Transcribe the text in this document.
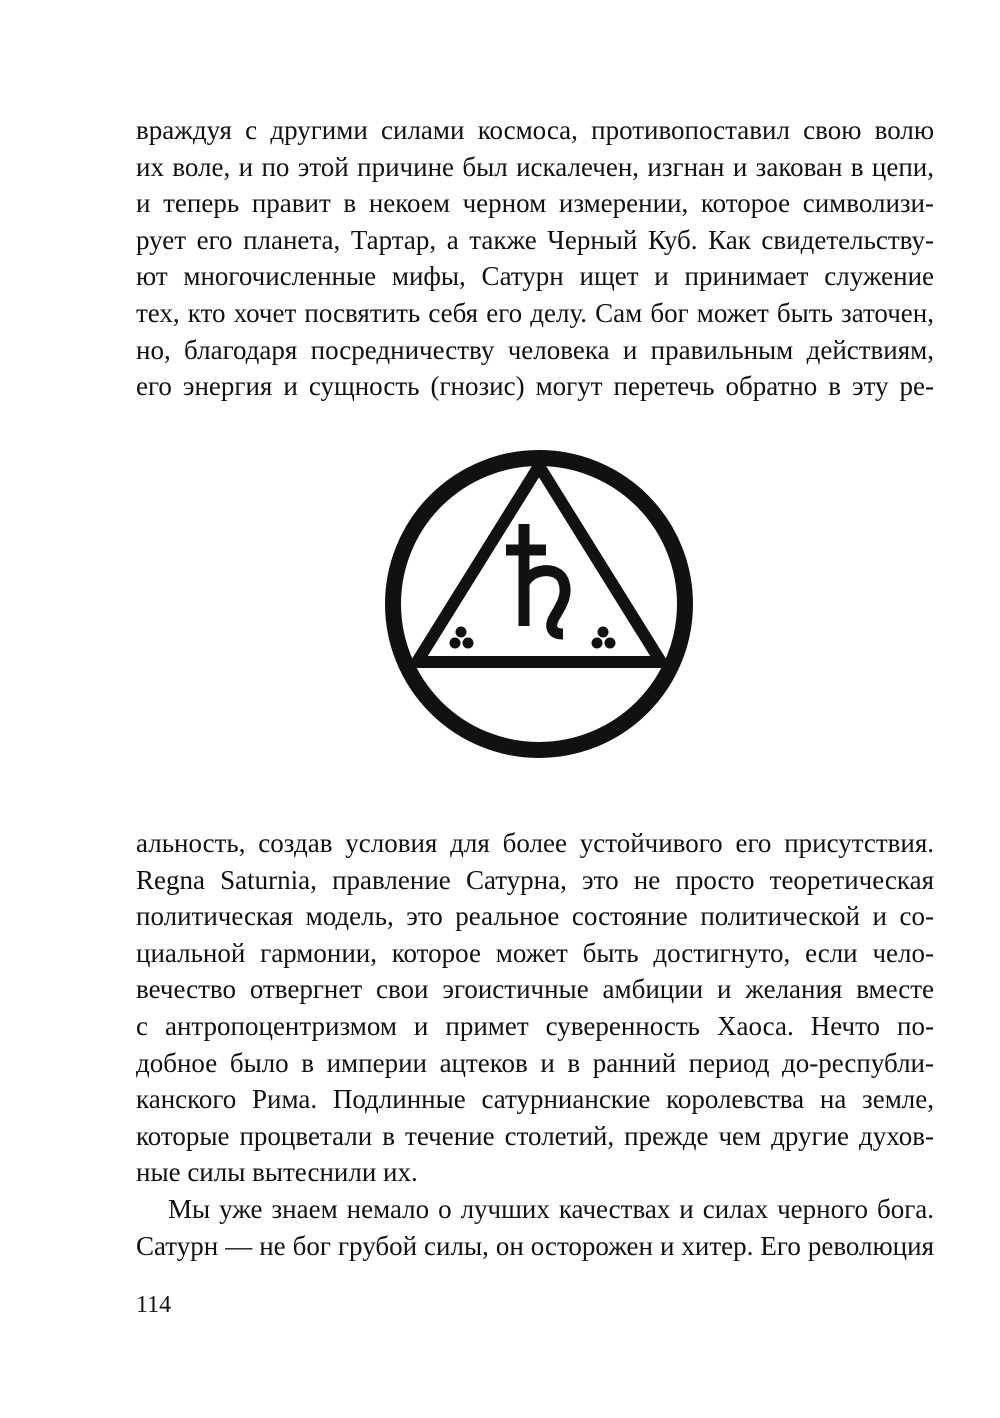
враждуя с другими силами космоса, противопоставил свою волю
их воле, и по этой причине был искалечен, изгнан и закован в цепи,
и теперь правит в некоем черном измерении, которое символизи-
рует его планета, Тартар, а также Черный Куб. Как свидетельству-
ют многочисленные мифы, Сатурн ищет и принимает служение
тех, кто хочет посвятить себя его делу. Сам бог может быть заточен,
но, благодаря посредничеству человека и правильным действиям,
его энергия и сущность (гнозис) могут перетечь обратно в эту ре-
альность, создав условия для более устойчивого его присутствия.
Regna Saturnia, правление Сатурна, это не просто теоретическая
политическая модель, это реальное состояние политической и со-
циальной гармонии, которое может быть достигнуто, если чело-
вечество отвергнет свои эгоистичные амбиции и желания вместе
с антропоцентризмом и примет суверенность Хаоса. Нечто по-
добное было в империи ацтеков и в ранний период до-республи-
канского Рима. Подлинные сатурнианские королевства на земле,
которые процветали в течение столетий, прежде чем другие духов-
ные силы вытеснили их.
Мы уже знаем немало о лучших качествах и силах черного бога.
Сатурн — не бог грубой силы, он осторожен и хитер. Его революция
114
